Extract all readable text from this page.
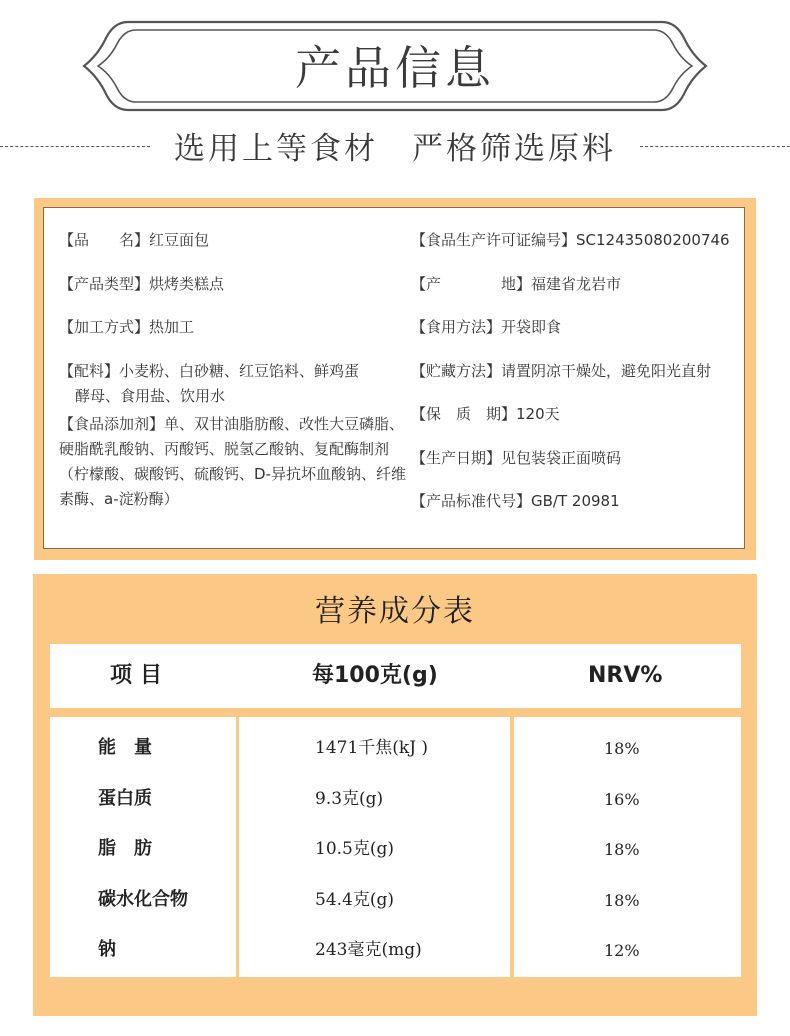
产品信息
选用上等食材　严格筛选原料
【品　　名】红豆面包
【产品类型】烘烤类糕点
【加工方式】热加工
【配料】小麦粉、白砂糖、红豆馅料、鲜鸡蛋
酵母、食用盐、饮用水
【食品添加剂】单、双甘油脂肪酸、改性大豆磷脂、硬脂酰乳酸钠、丙酸钙、脱氢乙酸钠、复配酶制剂（柠檬酸、碳酸钙、硫酸钙、D-异抗坏血酸钠、纤维素酶、a-淀粉酶）
【食品生产许可证编号】SC12435080200746
【产　　　　地】福建省龙岩市
【食用方法】开袋即食
【贮藏方法】请置阴凉干燥处，避免阳光直射
【保　质　期】120天
【生产日期】见包装袋正面喷码
【产品标准代号】GB/T 20981
营养成分表
项目	每100克(g)	NRV%
能　量
蛋白质
脂　肪
碳水化合物
钠
1471千焦(kJ )
9.3克(g)
10.5克(g)
54.4克(g)
243毫克(mg)
18%
16%
18%
18%
12%
